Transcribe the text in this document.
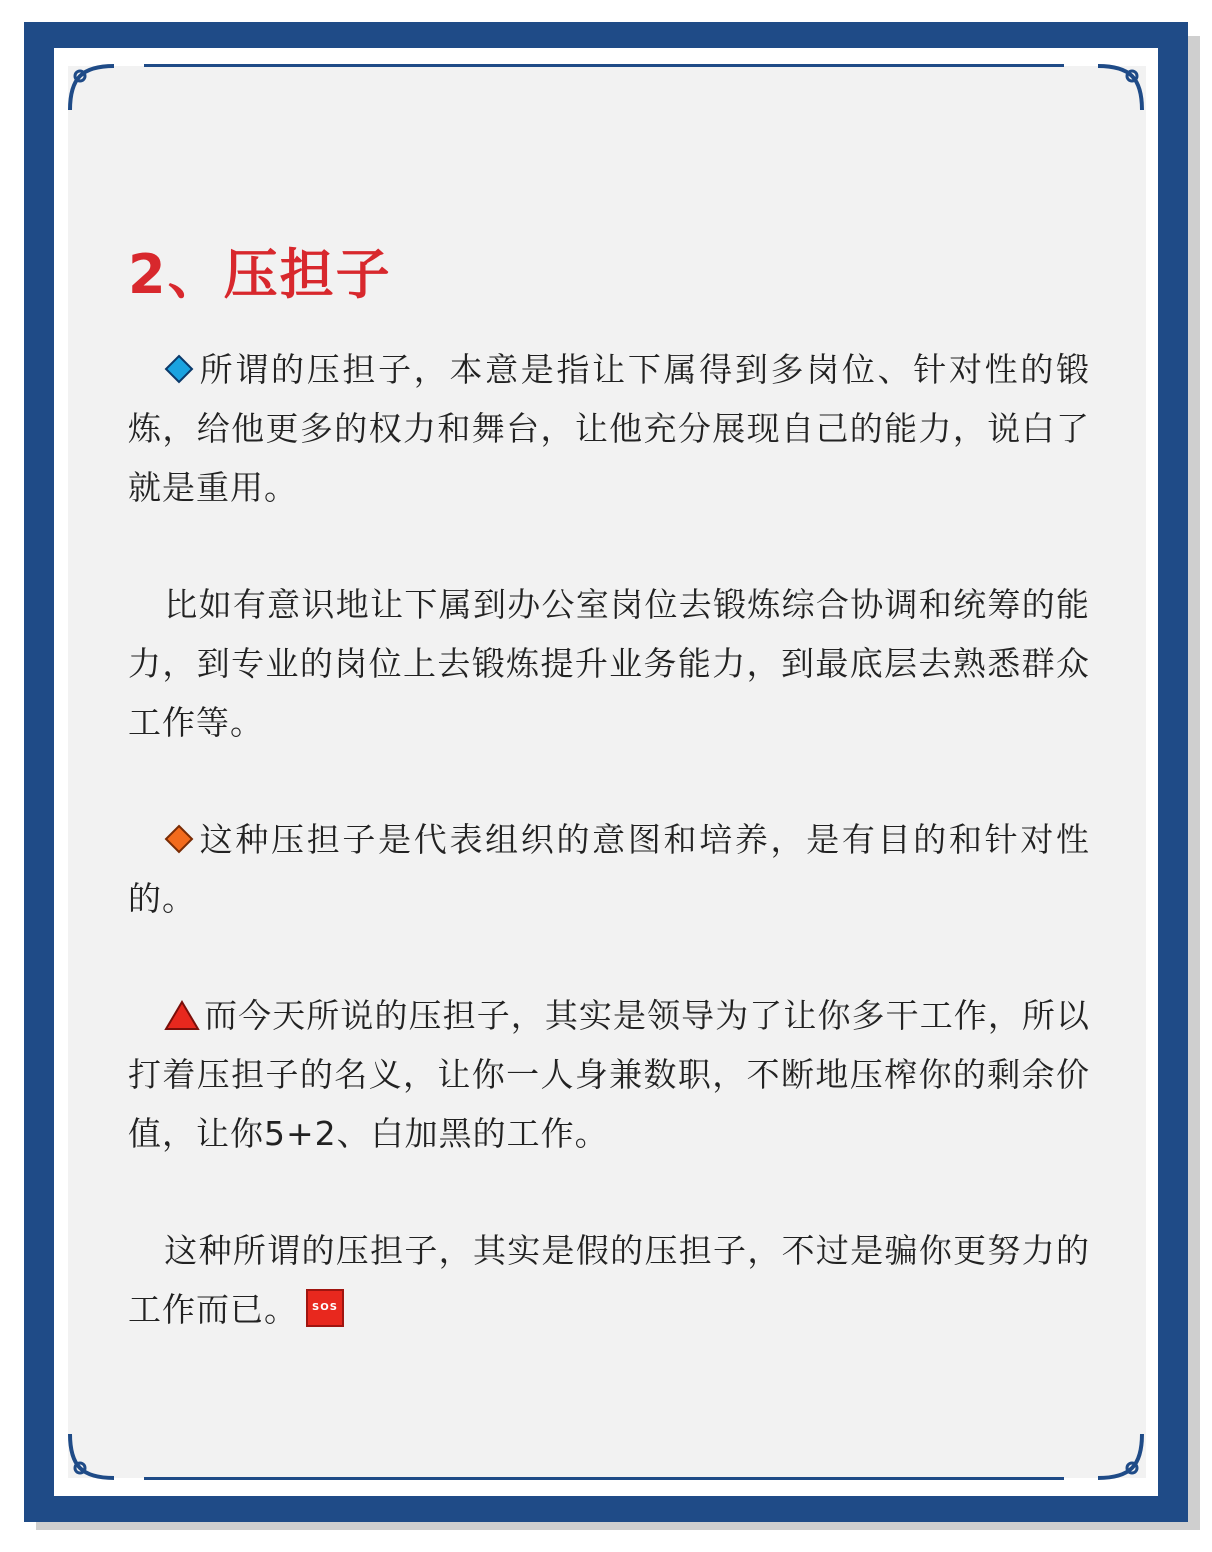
2、压担子

所谓的压担子，本意是指让下属得到多岗位、针对性的锻炼，给他更多的权力和舞台，让他充分展现自己的能力，说白了就是重用。

比如有意识地让下属到办公室岗位去锻炼综合协调和统筹的能力，到专业的岗位上去锻炼提升业务能力，到最底层去熟悉群众工作等。

这种压担子是代表组织的意图和培养，是有目的和针对性的。

而今天所说的压担子，其实是领导为了让你多干工作，所以打着压担子的名义，让你一人身兼数职，不断地压榨你的剩余价值，让你5+2、白加黑的工作。

这种所谓的压担子，其实是假的压担子，不过是骗你更努力的工作而已。 SOS
